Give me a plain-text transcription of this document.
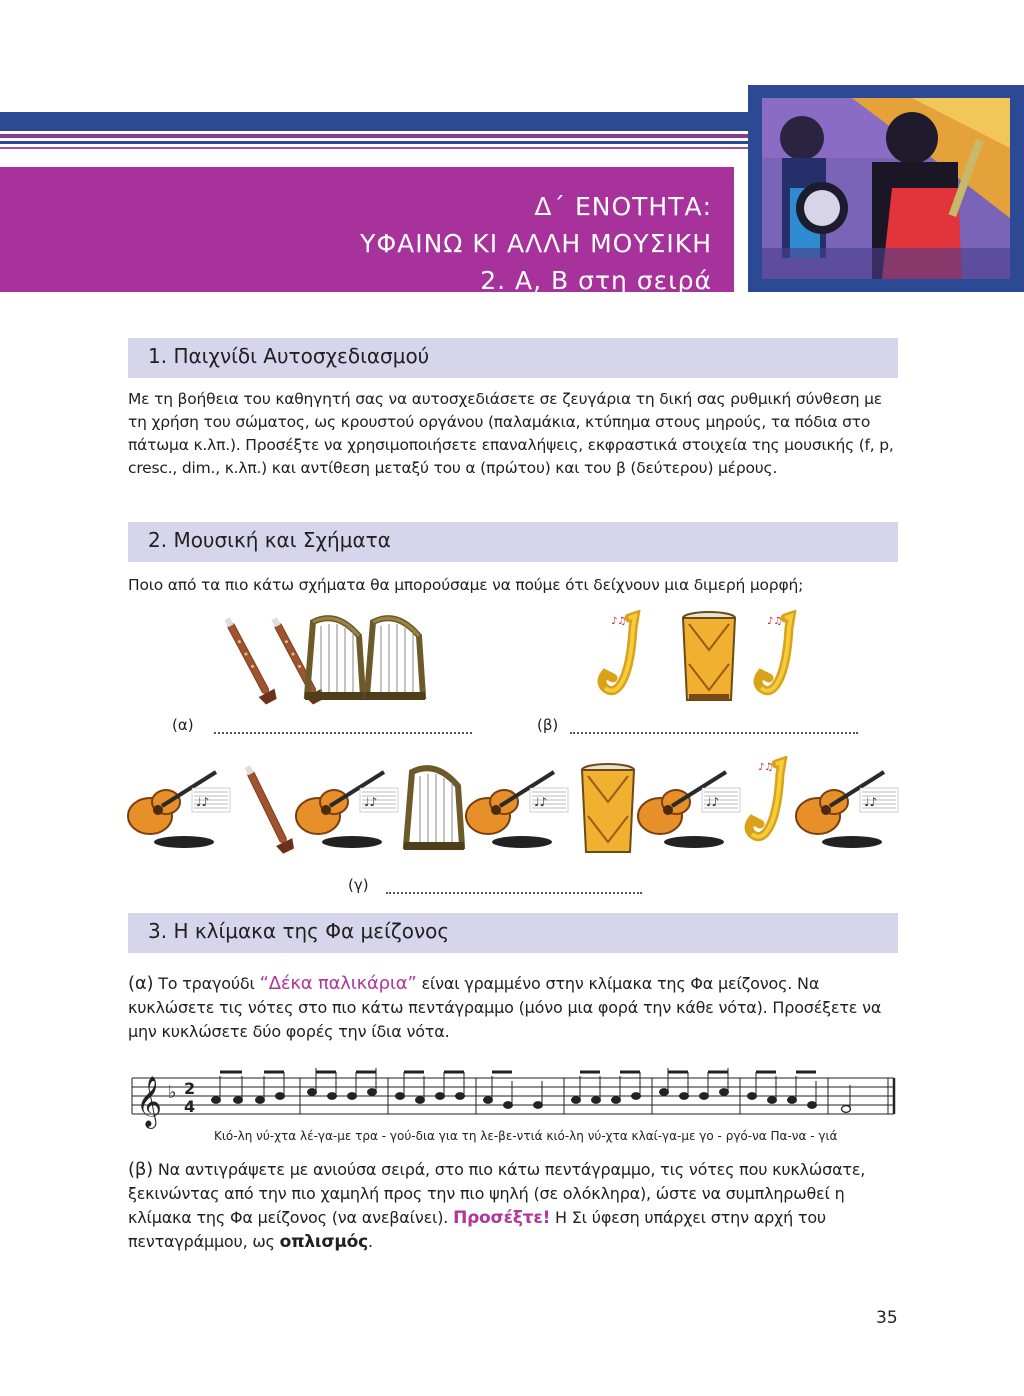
Δ΄ ΕΝΟΤΗΤΑ:
ΥΦΑΙΝΩ ΚΙ ΑΛΛΗ ΜΟΥΣΙΚΗ
2. Α, Β στη σειρά
1. Παιχνίδι Αυτοσχεδιασμού
Με τη βοήθεια του καθηγητή σας να αυτοσχεδιάσετε σε ζευγάρια τη δική σας ρυθμική σύνθεση με τη χρήση του σώματος, ως κρουστού οργάνου (παλαμάκια, κτύπημα στους μηρούς, τα πόδια στο πάτωμα κ.λπ.). Προσέξτε να χρησιμοποιήσετε επαναλήψεις, εκφραστικά στοιχεία της μουσικής (f, p, cresc., dim., κ.λπ.) και αντίθεση μεταξύ του α (πρώτου) και του β (δεύτερου) μέρους.
2. Μουσική και Σχήματα
Ποιο από τα πιο κάτω σχήματα θα μπορούσαμε να πούμε ότι δείχνουν μια διμερή μορφή;
♪♫
♩♪
(α)	(β)
♪♫
(γ)
3. Η κλίμακα της Φα μείζονος
(α) Το τραγούδι “Δέκα παλικάρια” είναι γραμμένο στην κλίμακα της Φα μείζονος. Να κυκλώσετε τις νότες στο πιο κάτω πεντάγραμμο (μόνο μια φορά την κάθε νότα). Προσέξετε να μην κυκλώσετε δύο φορές την ίδια νότα.
𝄞 ♭ 2
4
Κιό-λη νύ-χτα λέ-γα-με τρα - γού-δια για τη λε-βε-ντιά κιό-λη νύ-χτα κλαί-γα-με γο - ργό-να Πα-να - γιά
(β) Να αντιγράψετε με ανιούσα σειρά, στο πιο κάτω πεντάγραμμο, τις νότες που κυκλώσατε, ξεκινώντας από την πιο χαμηλή προς την πιο ψηλή (σε ολόκληρα), ώστε να συμπληρωθεί η κλίμακα της Φα μείζονος (να ανεβαίνει). Προσέξτε! Η Σι ύφεση υπάρχει στην αρχή του πενταγράμμου, ως οπλισμός.
35
